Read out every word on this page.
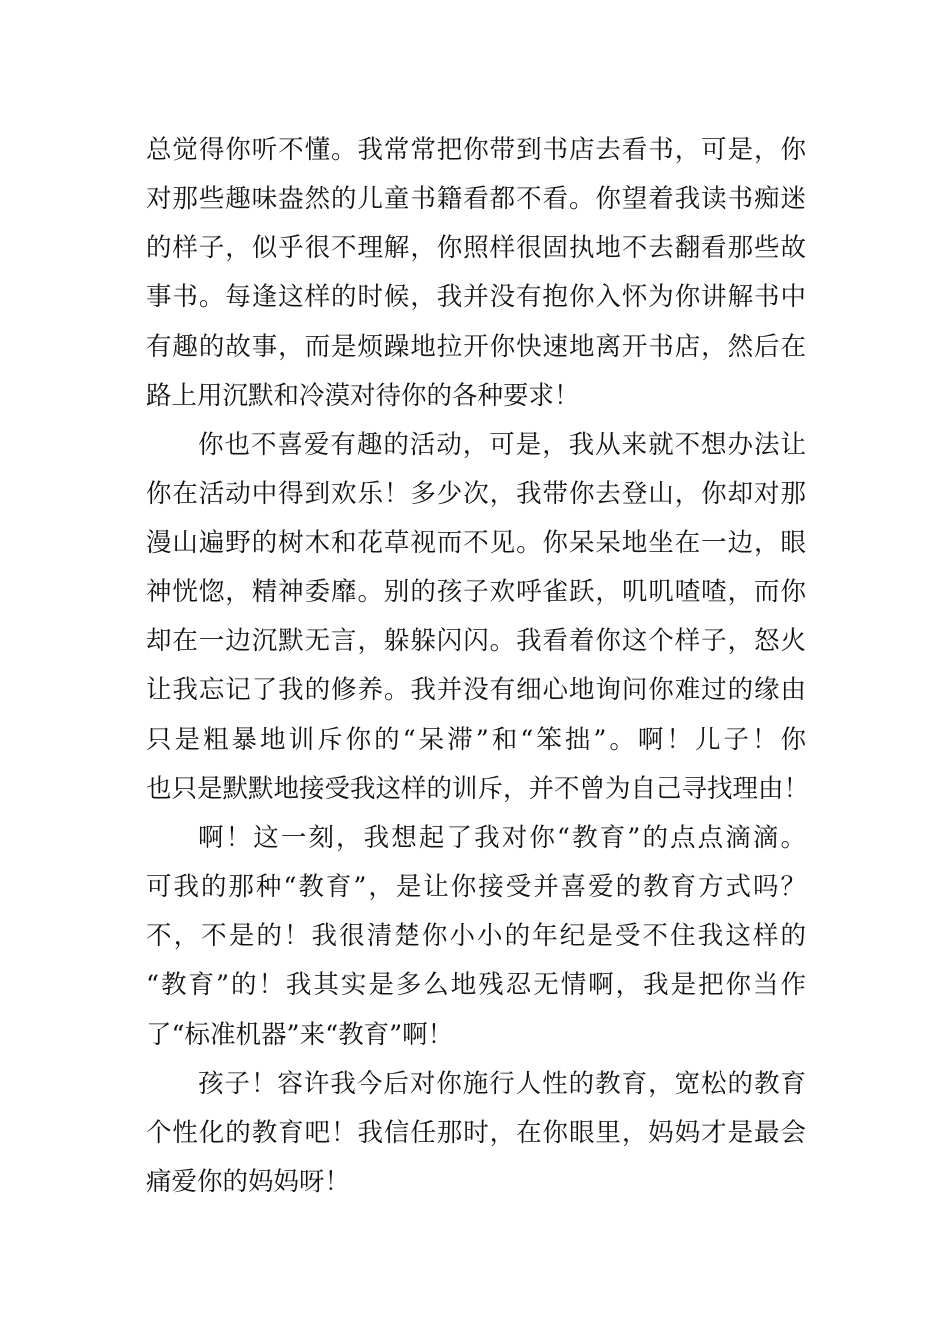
总觉得你听不懂。我常常把你带到书店去看书，可是，你
对那些趣味盎然的儿童书籍看都不看。你望着我读书痴迷
的样子，似乎很不理解，你照样很固执地不去翻看那些故
事书。每逢这样的时候，我并没有抱你入怀为你讲解书中
有趣的故事，而是烦躁地拉开你快速地离开书店，然后在
路上用沉默和冷漠对待你的各种要求！
你也不喜爱有趣的活动，可是，我从来就不想办法让
你在活动中得到欢乐！多少次，我带你去登山，你却对那
漫山遍野的树木和花草视而不见。你呆呆地坐在一边，眼
神恍惚，精神委靡。别的孩子欢呼雀跃，叽叽喳喳，而你
却在一边沉默无言，躲躲闪闪。我看着你这个样子，怒火
让我忘记了我的修养。我并没有细心地询问你难过的缘由
只是粗暴地训斥你的“呆滞”和“笨拙”。啊！儿子！你
也只是默默地接受我这样的训斥，并不曾为自己寻找理由！
啊！这一刻，我想起了我对你“教育”的点点滴滴。
可我的那种“教育”，是让你接受并喜爱的教育方式吗？
不，不是的！我很清楚你小小的年纪是受不住我这样的
“教育”的！我其实是多么地残忍无情啊，我是把你当作
了“标准机器”来“教育”啊！
孩子！容许我今后对你施行人性的教育，宽松的教育
个性化的教育吧！我信任那时，在你眼里，妈妈才是最会
痛爱你的妈妈呀！
